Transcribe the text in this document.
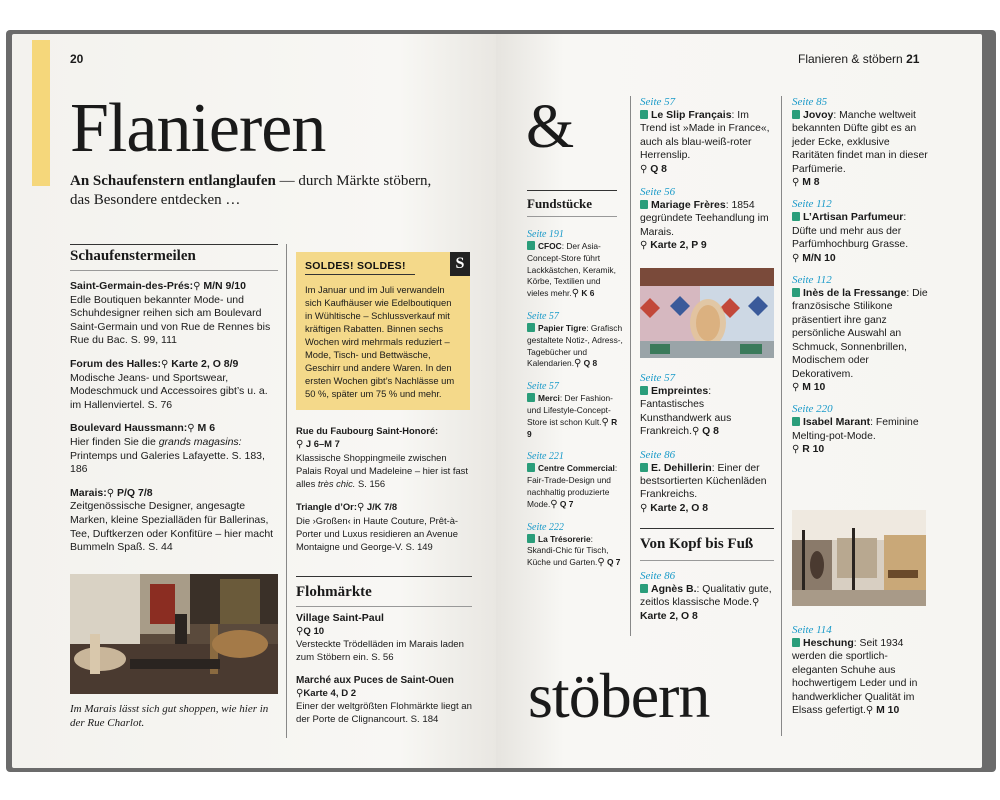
20
Flanieren
An Schaufenstern entlanglaufen — durch Märkte stöbern, das Besondere entdecken …
Schaufenstermeilen
Saint-Germain-des-Prés:⚲ M/N 9/10
Edle Boutiquen bekannter Mode- und Schuhdesigner reihen sich am Boulevard Saint-Germain und von Rue de Rennes bis Rue du Bac. S. 99, 111
Forum des Halles:⚲ Karte 2, O 8/9
Modische Jeans- und Sportswear, Modeschmuck und Accessoires gibt’s u. a. im Hallenviertel. S. 76
Boulevard Haussmann:⚲ M 6
Hier finden Sie die grands magasins: Printemps und Galeries Lafayette. S. 183, 186
Marais:⚲ P/Q 7/8
Zeitgenössische Designer, angesagte Marken, kleine Spezialläden für Ballerinas, Tee, Duftkerzen oder Konfitüre – hier macht Bummeln Spaß. S. 44
Im Marais lässt sich gut shoppen, wie hier in der Rue Charlot.
S
SOLDES! SOLDES!
Im Januar und im Juli verwandeln sich Kaufhäuser wie Edelboutiquen in Wühltische – Schlussverkauf mit kräftigen Rabatten. Binnen sechs Wochen wird mehrmals reduziert – Mode, Tisch- und Bettwäsche, Geschirr und andere Waren. In den ersten Wochen gibt’s Nachlässe um 50 %, später um 75 % und mehr.
Rue du Faubourg Saint-Honoré:
⚲ J 6–M 7
Klassische Shoppingmeile zwischen Palais Royal und Madeleine – hier ist fast alles très chic. S. 156
Triangle d’Or:⚲ J/K 7/8
Die ›Großen‹ in Haute Couture, Prêt-à-Porter und Luxus residieren an Avenue Montaigne und George-V. S. 149
Flohmärkte
Village Saint-Paul
⚲Q 10
Versteckte Trödelläden im Marais laden zum Stöbern ein. S. 56
Marché aux Puces de Saint-Ouen
⚲Karte 4, D 2
Einer der weltgrößten Flohmärkte liegt an der Porte de Clignancourt. S. 184
Flanieren & stöbern 21
&
stöbern
Fundstücke
Seite 191
CFOC: Der Asia-Concept-Store führt Lackkästchen, Keramik, Körbe, Textilien und vieles mehr.⚲ K 6
Seite 57
Papier Tigre: Grafisch gestaltete Notiz-, Adress-, Tagebücher und Kalendarien.⚲ Q 8
Seite 57
Merci: Der Fashion- und Lifestyle-Concept-Store ist schon Kult.⚲ R 9
Seite 221
Centre Commercial: Fair-Trade-Design und nachhaltig produzierte Mode.⚲ Q 7
Seite 222
La Trésorerie: Skandi-Chic für Tisch, Küche und Garten.⚲ Q 7
Seite 57
Le Slip Français: Im Trend ist »Made in France«, auch als blau-weiß-roter Herrenslip.
⚲ Q 8
Seite 56
Mariage Frères: 1854 gegründete Teehandlung im Marais.
⚲ Karte 2, P 9
Seite 57
Empreintes: Fantastisches Kunsthandwerk aus Frankreich.⚲ Q 8
Seite 86
E. Dehillerin: Einer der bestsortierten Küchenläden Frankreichs.
⚲ Karte 2, O 8
Von Kopf bis Fuß
Seite 86
Agnès B.: Qualitativ gute, zeitlos klassische Mode.⚲ Karte 2, O 8
Seite 85
Jovoy: Manche weltweit bekannten Düfte gibt es an jeder Ecke, exklusive Raritäten findet man in dieser Parfümerie.
⚲ M 8
Seite 112
L’Artisan Parfumeur: Düfte und mehr aus der Parfümhochburg Grasse.
⚲ M/N 10
Seite 112
Inès de la Fressange: Die französische Stilikone präsentiert ihre ganz persönliche Auswahl an Schmuck, Sonnenbrillen, Modischem oder Dekorativem.
⚲ M 10
Seite 220
Isabel Marant: Feminine Melting-pot-Mode.
⚲ R 10
Seite 114
Heschung: Seit 1934 werden die sportlich-eleganten Schuhe aus hochwertigem Leder und in handwerklicher Qualität im Elsass gefertigt.⚲ M 10
